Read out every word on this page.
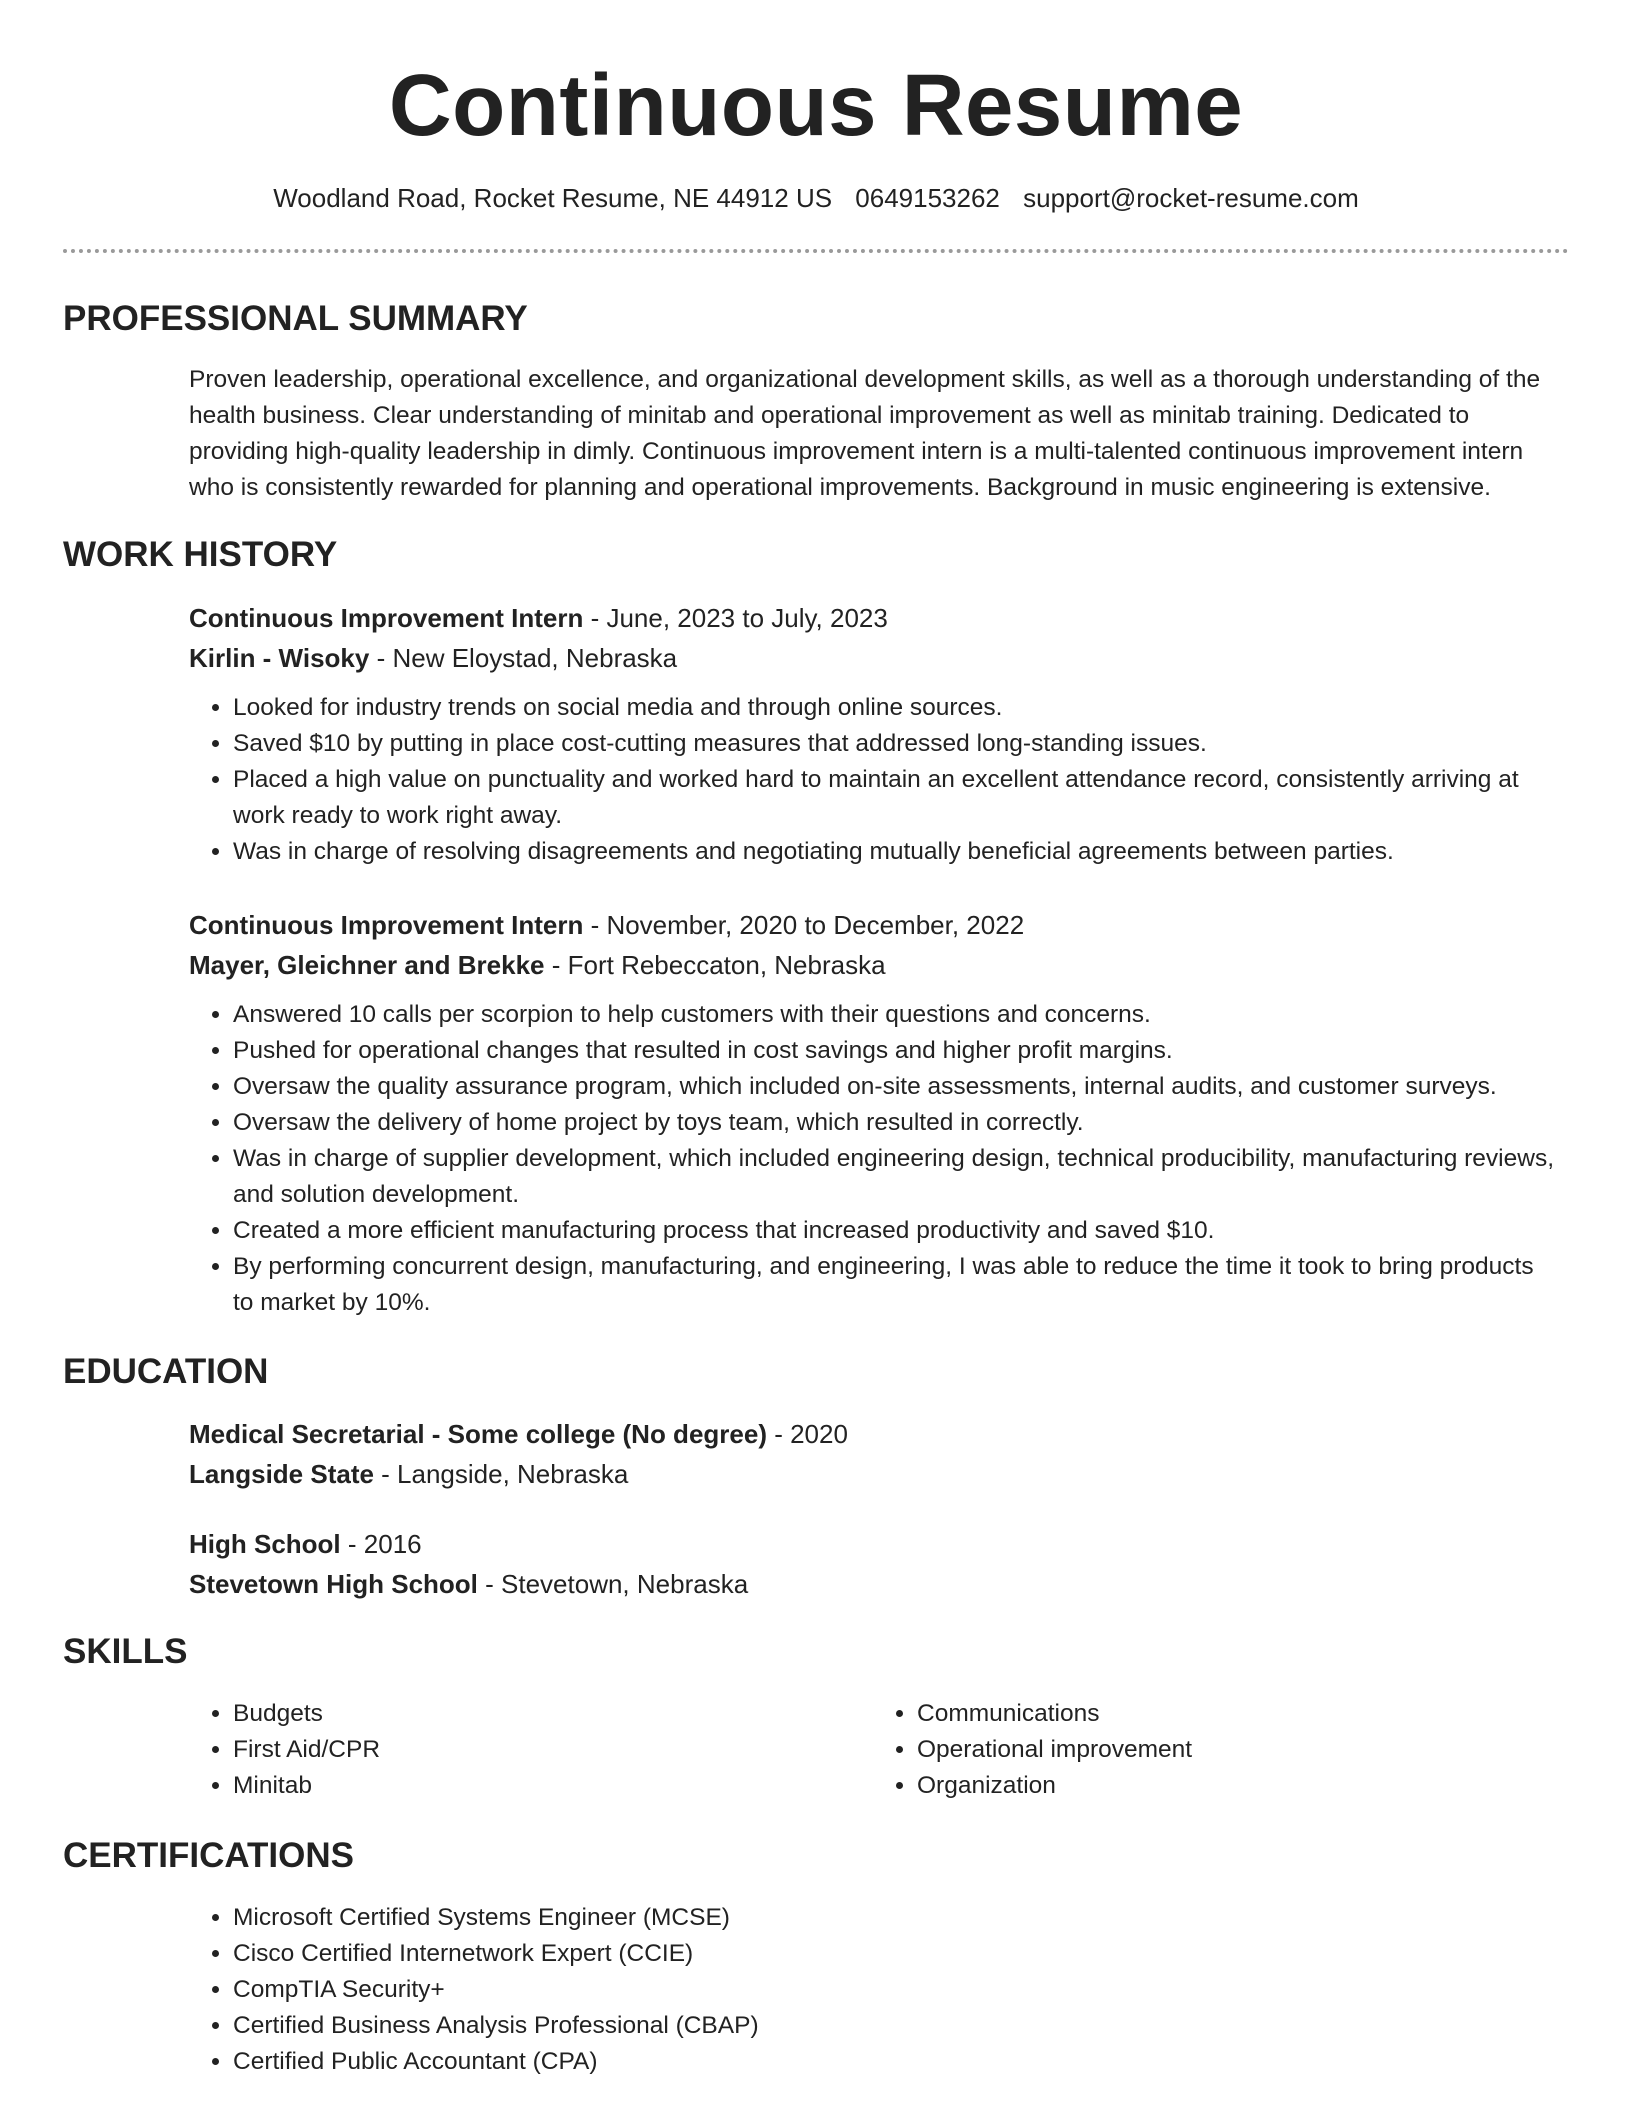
Continuous Resume
Woodland Road, Rocket Resume, NE 44912 US 0649153262 support@rocket-resume.com
PROFESSIONAL SUMMARY

Proven leadership, operational excellence, and organizational development skills, as well as a thorough understanding of the health business. Clear understanding of minitab and operational improvement as well as minitab training. Dedicated to providing high-quality leadership in dimly. Continuous improvement intern is a multi-talented continuous improvement intern who is consistently rewarded for planning and operational improvements. Background in music engineering is extensive.

WORK HISTORY
Continuous Improvement Intern - June, 2023 to July, 2023
Kirlin - Wisoky - New Eloystad, Nebraska
• Looked for industry trends on social media and through online sources.
• Saved $10 by putting in place cost-cutting measures that addressed long-standing issues.
• Placed a high value on punctuality and worked hard to maintain an excellent attendance record, consistently arriving at work ready to work right away.
• Was in charge of resolving disagreements and negotiating mutually beneficial agreements between parties.
Continuous Improvement Intern - November, 2020 to December, 2022
Mayer, Gleichner and Brekke - Fort Rebeccaton, Nebraska
• Answered 10 calls per scorpion to help customers with their questions and concerns.
• Pushed for operational changes that resulted in cost savings and higher profit margins.
• Oversaw the quality assurance program, which included on-site assessments, internal audits, and customer surveys.
• Oversaw the delivery of home project by toys team, which resulted in correctly.
• Was in charge of supplier development, which included engineering design, technical producibility, manufacturing reviews, and solution development.
• Created a more efficient manufacturing process that increased productivity and saved $10.
• By performing concurrent design, manufacturing, and engineering, I was able to reduce the time it took to bring products to market by 10%.
EDUCATION
Medical Secretarial - Some college (No degree) - 2020
Langside State - Langside, Nebraska
High School - 2016
Stevetown High School - Stevetown, Nebraska
SKILLS
• Budgets
• First Aid/CPR
• Minitab
• Communications
• Operational improvement
• Organization
CERTIFICATIONS
• Microsoft Certified Systems Engineer (MCSE)
• Cisco Certified Internetwork Expert (CCIE)
• CompTIA Security+
• Certified Business Analysis Professional (CBAP)
• Certified Public Accountant (CPA)
